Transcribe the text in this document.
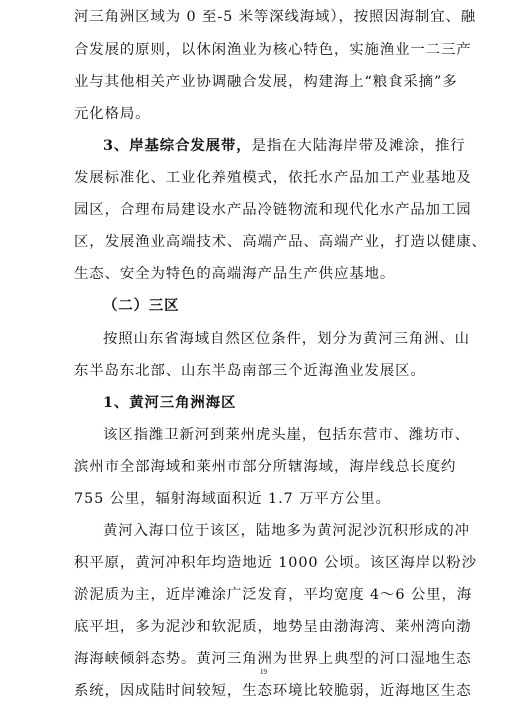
河三角洲区域为 0 至-5 米等深线海域），按照因海制宜、融
合发展的原则，以休闲渔业为核心特色，实施渔业一二三产
业与其他相关产业协调融合发展，构建海上“粮食采摘”多
元化格局。
3、岸基综合发展带，是指在大陆海岸带及滩涂，推行
发展标准化、工业化养殖模式，依托水产品加工产业基地及
园区，合理布局建设水产品冷链物流和现代化水产品加工园
区，发展渔业高端技术、高端产品、高端产业，打造以健康、
生态、安全为特色的高端海产品生产供应基地。
（二）三区
按照山东省海域自然区位条件，划分为黄河三角洲、山
东半岛东北部、山东半岛南部三个近海渔业发展区。
1、黄河三角洲海区
该区指潍卫新河到莱州虎头崖，包括东营市、潍坊市、
滨州市全部海域和莱州市部分所辖海域，海岸线总长度约
755 公里，辐射海域面积近 1.7 万平方公里。
黄河入海口位于该区，陆地多为黄河泥沙沉积形成的冲
积平原，黄河冲积年均造地近 1000 公顷。该区海岸以粉沙
淤泥质为主，近岸滩涂广泛发育，平均宽度 4～6 公里，海
底平坦，多为泥沙和软泥质，地势呈由渤海湾、莱州湾向渤
海海峡倾斜态势。黄河三角洲为世界上典型的河口湿地生态
系统，因成陆时间较短，生态环境比较脆弱，近海地区生态
19
